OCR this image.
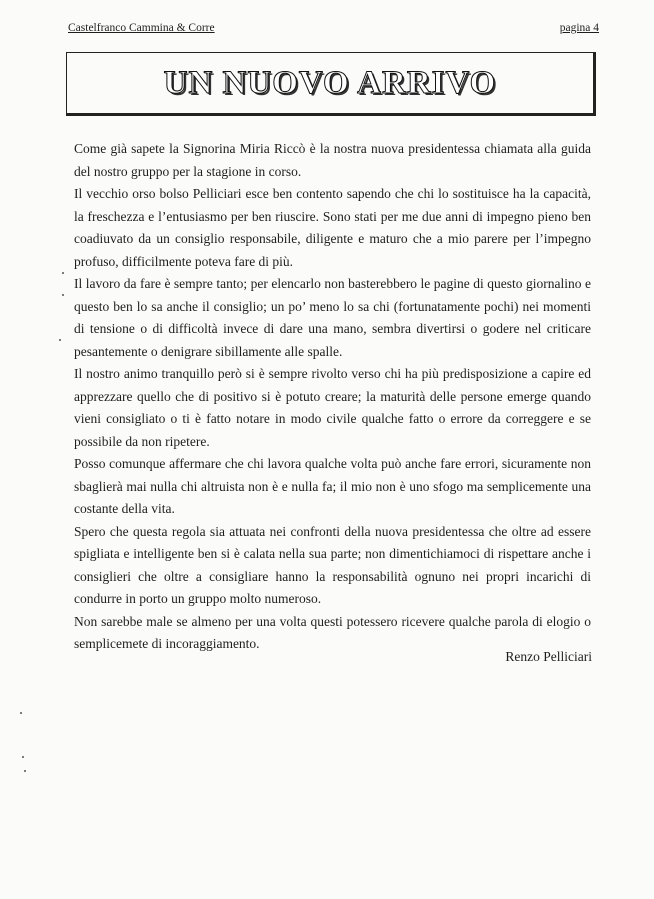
Castelfranco Cammina & Corre	pagina 4
UN NUOVO ARRIVO

Come già sapete la Signorina Miria Riccò è la nostra nuova presidentessa chiamata alla guida del nostro gruppo per la stagione in corso.

Il vecchio orso bolso Pelliciari esce ben contento sapendo che chi lo sostituisce ha la capacità, la freschezza e l’entusiasmo per ben riuscire. Sono stati per me due anni di impegno pieno ben coadiuvato da un consiglio responsabile, diligente e maturo che a mio parere per l’impegno profuso, difficilmente poteva fare di più.

Il lavoro da fare è sempre tanto; per elencarlo non basterebbero le pagine di questo giornalino e questo ben lo sa anche il consiglio; un po’ meno lo sa chi (fortunatamente pochi) nei momenti di tensione o di difficoltà invece di dare una mano, sembra divertirsi o godere nel criticare pesantemente o denigrare sibillamente alle spalle.

Il nostro animo tranquillo però si è sempre rivolto verso chi ha più predisposizione a capire ed apprezzare quello che di positivo si è potuto creare; la maturità delle persone emerge quando vieni consigliato o ti è fatto notare in modo civile qualche fatto o errore da correggere e se possibile da non ripetere.

Posso comunque affermare che chi lavora qualche volta può anche fare errori, sicuramente non sbaglierà mai nulla chi altruista non è e nulla fa; il mio non è uno sfogo ma semplicemente una costante della vita.

Spero che questa regola sia attuata nei confronti della nuova presidentessa che oltre ad essere spigliata e intelligente ben si è calata nella sua parte; non dimentichiamoci di rispettare anche i consiglieri che oltre a consigliare hanno la responsabilità ognuno nei propri incarichi di condurre in porto un gruppo molto numeroso.

Non sarebbe male se almeno per una volta questi potessero ricevere qualche parola di elogio o semplicemete di incoraggiamento.

Renzo Pelliciari
